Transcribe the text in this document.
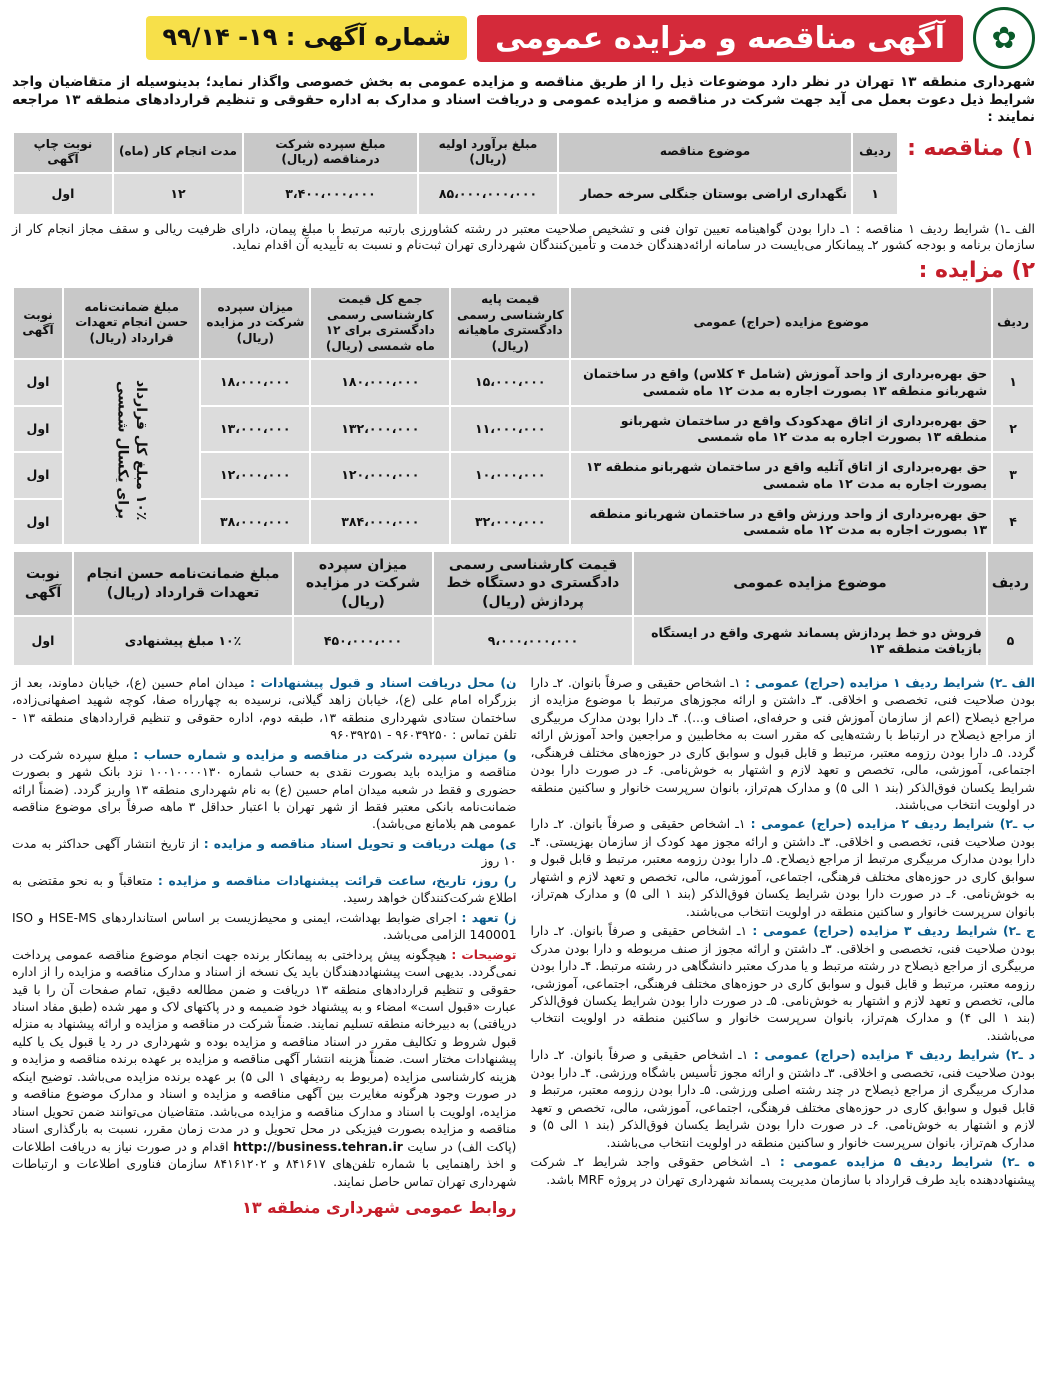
✿
آگهی مناقصه و مزایده عمومی
شماره آگهی : ۱۹- ۹۹/۱۴
شهرداری منطقه ۱۳ تهران در نظر دارد موضوعات ذیل را از طریق مناقصه و مزایده عمومی به بخش خصوصی واگذار نماید؛ بدینوسیله از متقاضیان واجد شرایط ذیل دعوت بعمل می آید جهت شرکت در مناقصه و مزایده عمومی و دریافت اسناد و مدارک به اداره حقوقی و تنظیم قراردادهای منطقه ۱۳ مراجعه نمایند :
۱) مناقصه :
ردیف	موضوع مناقصه	مبلغ برآورد اولیه (ریال)	مبلغ سپرده شرکت درمناقصه (ریال)	مدت انجام کار (ماه)	نوبت چاپ آگهی
۱	نگهداری اراضی بوستان جنگلی سرخه حصار	۸۵،۰۰۰،۰۰۰،۰۰۰	۳،۴۰۰،۰۰۰،۰۰۰	۱۲	اول
الف ـ۱) شرایط ردیف ۱ مناقصه : ۱ـ دارا بودن گواهینامه تعیین توان فنی و تشخیص صلاحیت معتبر در رشته کشاورزی بارتبه مرتبط با مبلغ پیمان، دارای ظرفیت ریالی و سقف مجاز انجام کار از سازمان برنامه و بودجه کشور ۲ـ پیمانکار می‌بایست در سامانه ارائه‌دهندگان خدمت و تأمین‌کنندگان شهرداری تهران ثبت‌نام و نسبت به تأییدیه آن اقدام نماید.
۲) مزایده :
ردیف	موضوع مزایده (حراج) عمومی	قیمت پایه کارشناسی رسمی دادگستری ماهیانه (ریال)	جمع کل قیمت کارشناسی رسمی دادگستری برای ۱۲ ماه شمسی (ریال)	میزان سپرده شرکت در مزایده (ریال)	مبلغ ضمانت‌نامه حسن انجام تعهدات قرارداد (ریال)	نوبت آگهی
۱	حق بهره‌برداری از واحد آموزش (شامل ۴ کلاس) واقع در ساختمان شهربانو منطقه ۱۳ بصورت اجاره به مدت ۱۲ ماه شمسی	۱۵،۰۰۰،۰۰۰	۱۸۰،۰۰۰،۰۰۰	۱۸،۰۰۰،۰۰۰	۱۰٪ مبلغ کل قرارداد برای یکسال شمسی	اول
۲	حق بهره‌برداری از اتاق مهدکودک واقع در ساختمان شهربانو منطقه ۱۳ بصورت اجاره به مدت ۱۲ ماه شمسی	۱۱،۰۰۰،۰۰۰	۱۳۲،۰۰۰،۰۰۰	۱۳،۰۰۰،۰۰۰		اول
۳	حق بهره‌برداری از اتاق آتلیه واقع در ساختمان شهربانو منطقه ۱۳ بصورت اجاره به مدت ۱۲ ماه شمسی	۱۰،۰۰۰،۰۰۰	۱۲۰،۰۰۰،۰۰۰	۱۲،۰۰۰،۰۰۰		اول
۴	حق بهره‌برداری از واحد ورزش واقع در ساختمان شهربانو منطقه ۱۳ بصورت اجاره به مدت ۱۲ ماه شمسی	۳۲،۰۰۰،۰۰۰	۳۸۴،۰۰۰،۰۰۰	۳۸،۰۰۰،۰۰۰		اول
ردیف	موضوع مزایده عمومی	قیمت کارشناسی رسمی دادگستری دو دستگاه خط پردازش (ریال)	میزان سپرده شرکت در مزایده (ریال)	مبلغ ضمانت‌نامه حسن انجام تعهدات قرارداد (ریال)	نوبت آگهی
۵	فروش دو خط پردازش پسماند شهری واقع در ایستگاه بازیافت منطقه ۱۳	۹،۰۰۰،۰۰۰،۰۰۰	۴۵۰،۰۰۰،۰۰۰	۱۰٪ مبلغ پیشنهادی	اول

الف ـ۲) شرایط ردیف ۱ مزایده (حراج) عمومی : ۱ـ اشخاص حقیقی و صرفاً بانوان. ۲ـ دارا بودن صلاحیت فنی، تخصصی و اخلاقی. ۳ـ داشتن و ارائه مجوزهای مرتبط با موضوع مزایده از مراجع ذیصلاح (اعم از سازمان آموزش فنی و حرفه‌ای، اصناف و...). ۴ـ دارا بودن مدارک مربیگری از مراجع ذیصلاح در ارتباط با رشته‌هایی که مقرر است به مخاطبین و مراجعین واحد آموزش ارائه گردد. ۵ـ دارا بودن رزومه معتبر، مرتبط و قابل قبول و سوابق کاری در حوزه‌های مختلف فرهنگی، اجتماعی، آموزشی، مالی، تخصص و تعهد لازم و اشتهار به خوش‌نامی. ۶ـ در صورت دارا بودن شرایط یکسان فوق‌الذکر (بند ۱ الی ۵) و مدارک هم‌تراز، بانوان سرپرست خانوار و ساکنین منطقه در اولویت انتخاب می‌باشند.

ب ـ۲) شرایط ردیف ۲ مزایده (حراج) عمومی : ۱ـ اشخاص حقیقی و صرفاً بانوان. ۲ـ دارا بودن صلاحیت فنی، تخصصی و اخلاقی. ۳ـ داشتن و ارائه مجوز مهد کودک از سازمان بهزیستی. ۴ـ دارا بودن مدارک مربیگری مرتبط از مراجع ذیصلاح. ۵ـ دارا بودن رزومه معتبر، مرتبط و قابل قبول و سوابق کاری در حوزه‌های مختلف فرهنگی، اجتماعی، آموزشی، مالی، تخصص و تعهد لازم و اشتهار به خوش‌نامی. ۶ـ در صورت دارا بودن شرایط یکسان فوق‌الذکر (بند ۱ الی ۵) و مدارک هم‌تراز، بانوان سرپرست خانوار و ساکنین منطقه در اولویت انتخاب می‌باشند.

ج ـ۲) شرایط ردیف ۳ مزایده (حراج) عمومی : ۱ـ اشخاص حقیقی و صرفاً بانوان. ۲ـ دارا بودن صلاحیت فنی، تخصصی و اخلاقی. ۳ـ داشتن و ارائه مجوز از صنف مربوطه و دارا بودن مدرک مربیگری از مراجع ذیصلاح در رشته مرتبط و یا مدرک معتبر دانشگاهی در رشته مرتبط. ۴ـ دارا بودن رزومه معتبر، مرتبط و قابل قبول و سوابق کاری در حوزه‌های مختلف فرهنگی، اجتماعی، آموزشی، مالی، تخصص و تعهد لازم و اشتهار به خوش‌نامی. ۵ـ در صورت دارا بودن شرایط یکسان فوق‌الذکر (بند ۱ الی ۴) و مدارک هم‌تراز، بانوان سرپرست خانوار و ساکنین منطقه در اولویت انتخاب می‌باشند.

د ـ۲) شرایط ردیف ۴ مزایده (حراج) عمومی : ۱ـ اشخاص حقیقی و صرفاً بانوان. ۲ـ دارا بودن صلاحیت فنی، تخصصی و اخلاقی. ۳ـ داشتن و ارائه مجوز تأسیس باشگاه ورزشی. ۴ـ دارا بودن مدارک مربیگری از مراجع ذیصلاح در چند رشته اصلی ورزشی. ۵ـ دارا بودن رزومه معتبر، مرتبط و قابل قبول و سوابق کاری در حوزه‌های مختلف فرهنگی، اجتماعی، آموزشی، مالی، تخصص و تعهد لازم و اشتهار به خوش‌نامی. ۶ـ در صورت دارا بودن شرایط یکسان فوق‌الذکر (بند ۱ الی ۵) و مدارک هم‌تراز، بانوان سرپرست خانوار و ساکنین منطقه در اولویت انتخاب می‌باشند.

ه ـ۲) شرایط ردیف ۵ مزایده عمومی : ۱ـ اشخاص حقوقی واجد شرایط ۲ـ شرکت پیشنهاددهنده باید طرف قرارداد با سازمان مدیریت پسماند شهرداری تهران در پروژه MRF باشد.

ن) محل دریافت اسناد و قبول پیشنهادات : میدان امام حسین (ع)، خیابان دماوند، بعد از بزرگراه امام علی (ع)، خیابان زاهد گیلانی، نرسیده به چهارراه صفا، کوچه شهید اصفهانی‌زاده، ساختمان ستادی شهرداری منطقه ۱۳، طبقه دوم، اداره حقوقی و تنظیم قراردادهای منطقه ۱۳ - تلفن تماس : ۹۶۰۳۹۲۵۰ - ۹۶۰۳۹۲۵۱

و) میزان سپرده شرکت در مناقصه و مزایده و شماره حساب : مبلغ سپرده شرکت در مناقصه و مزایده باید بصورت نقدی به حساب شماره ۱۰۰۱۰۰۰۰۱۳۰ نزد بانک شهر و بصورت حضوری و فقط در شعبه میدان امام حسین (ع) به نام شهرداری منطقه ۱۳ واریز گردد. (ضمناً ارائه ضمانت‌نامه بانکی معتبر فقط از شهر تهران با اعتبار حداقل ۳ ماهه صرفاً برای موضوع مناقصه عمومی هم بلامانع می‌باشد).

ی) مهلت دریافت و تحویل اسناد مناقصه و مزایده : از تاریخ انتشار آگهی حداکثر به مدت ۱۰ روز

ر) روز، تاریخ، ساعت قرائت پیشنهادات مناقصه و مزایده : متعاقباً و به نحو مقتضی به اطلاع شرکت‌کنندگان خواهد رسید.

ز) تعهد : اجرای ضوابط بهداشت، ایمنی و محیط‌زیست بر اساس استانداردهای HSE-MS و ISO 140001 الزامی می‌باشد.

توضیحات : هیچگونه پیش پرداختی به پیمانکار برنده جهت انجام موضوع مناقصه عمومی پرداخت نمی‌گردد. بدیهی است پیشنهاددهندگان باید یک نسخه از اسناد و مدارک مناقصه و مزایده را از اداره حقوقی و تنظیم قراردادهای منطقه ۱۳ دریافت و ضمن مطالعه دقیق، تمام صفحات آن را با قید عبارت «قبول است» امضاء و به پیشنهاد خود ضمیمه و در پاکتهای لاک و مهر شده (طبق مفاد اسناد دریافتی) به دبیرخانه منطقه تسلیم نمایند. ضمناً شرکت در مناقصه و مزایده و ارائه پیشنهاد به منزله قبول شروط و تکالیف مقرر در اسناد مناقصه و مزایده بوده و شهرداری در رد یا قبول یک یا کلیه پیشنهادات مختار است. ضمناً هزینه انتشار آگهی مناقصه و مزایده بر عهده برنده مناقصه و مزایده و هزینه کارشناسی مزایده (مربوط به ردیفهای ۱ الی ۵) بر عهده برنده مزایده می‌باشد. توضیح اینکه در صورت وجود هرگونه مغایرت بین آگهی مناقصه و مزایده و اسناد و مدارک موضوع مناقصه و مزایده، اولویت با اسناد و مدارک مناقصه و مزایده می‌باشد. متقاضیان می‌توانند ضمن تحویل اسناد مناقصه و مزایده بصورت فیزیکی در محل تحویل و در مدت زمان مقرر، نسبت به بارگذاری اسناد (پاکت الف) در سایت http://business.tehran.ir اقدام و در صورت نیاز به دریافت اطلاعات و اخذ راهنمایی با شماره تلفن‌های ۸۴۱۶۱۷ و ۸۴۱۶۱۲۰۲ سازمان فناوری اطلاعات و ارتباطات شهرداری تهران تماس حاصل نمایند.

روابط عمومی شهرداری منطقه ۱۳
